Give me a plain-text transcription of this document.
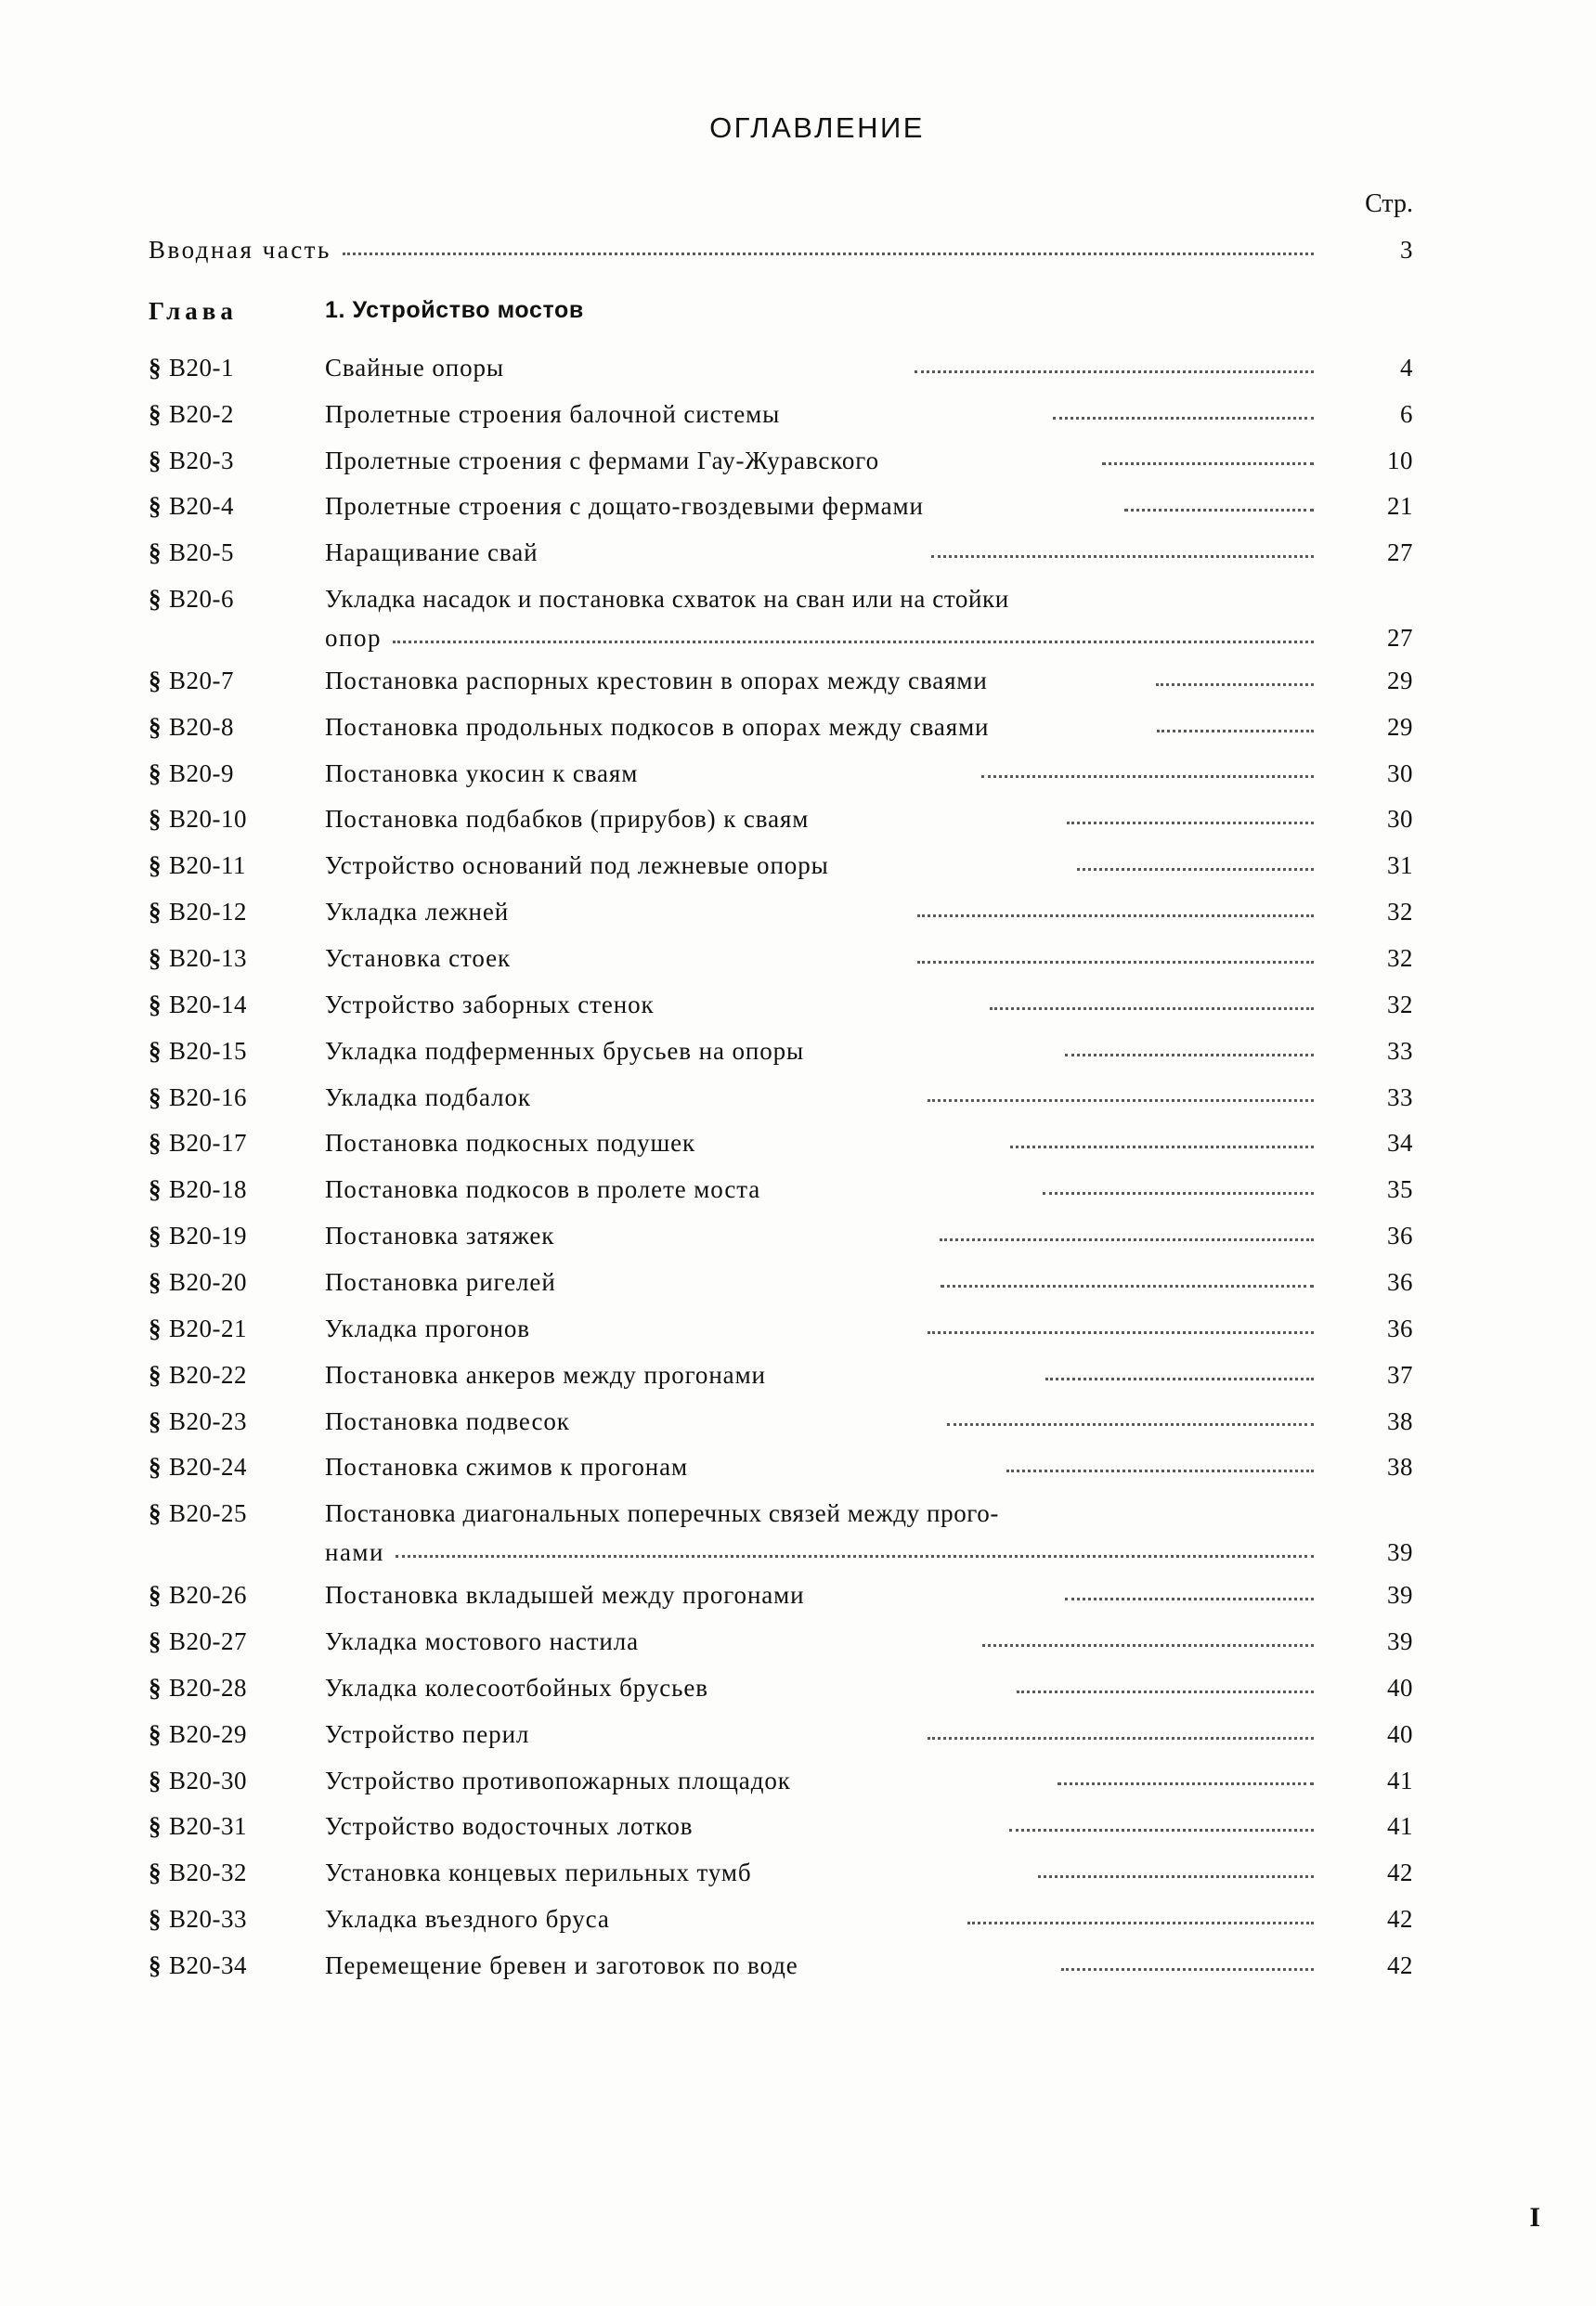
ОГЛАВЛЕНИЕ
Стр.
Вводная часть	3
Глава	1. Устройство мостов
§ В20-1	Свайные опоры	4
§ В20-2	Пролетные строения балочной системы	6
§ В20-3	Пролетные строения с фермами Гау-Журавского	10
§ В20-4	Пролетные строения с дощато-гвоздевыми фермами	21
§ В20-5	Наращивание свай	27
§ В20-6	Укладка насадок и постановка схваток на сван или на стойки
опор	27
§ В20-7	Постановка распорных крестовин в опорах между сваями	29
§ В20-8	Постановка продольных подкосов в опорах между сваями	29
§ В20-9	Постановка укосин к сваям	30
§ В20-10	Постановка подбабков (прирубов) к сваям	30
§ В20-11	Устройство оснований под лежневые опоры	31
§ В20-12	Укладка лежней	32
§ В20-13	Установка стоек	32
§ В20-14	Устройство заборных стенок	32
§ В20-15	Укладка подферменных брусьев на опоры	33
§ В20-16	Укладка подбалок	33
§ В20-17	Постановка подкосных подушек	34
§ В20-18	Постановка подкосов в пролете моста	35
§ В20-19	Постановка затяжек	36
§ В20-20	Постановка ригелей	36
§ В20-21	Укладка прогонов	36
§ В20-22	Постановка анкеров между прогонами	37
§ В20-23	Постановка подвесок	38
§ В20-24	Постановка сжимов к прогонам	38
§ В20-25	Постановка диагональных поперечных связей между прого-
нами	39
§ В20-26	Постановка вкладышей между прогонами	39
§ В20-27	Укладка мостового настила	39
§ В20-28	Укладка колесоотбойных брусьев	40
§ В20-29	Устройство перил	40
§ В20-30	Устройство противопожарных площадок	41
§ В20-31	Устройство водосточных лотков	41
§ В20-32	Установка концевых перильных тумб	42
§ В20-33	Укладка въездного бруса	42
§ В20-34	Перемещение бревен и заготовок по воде	42
I
